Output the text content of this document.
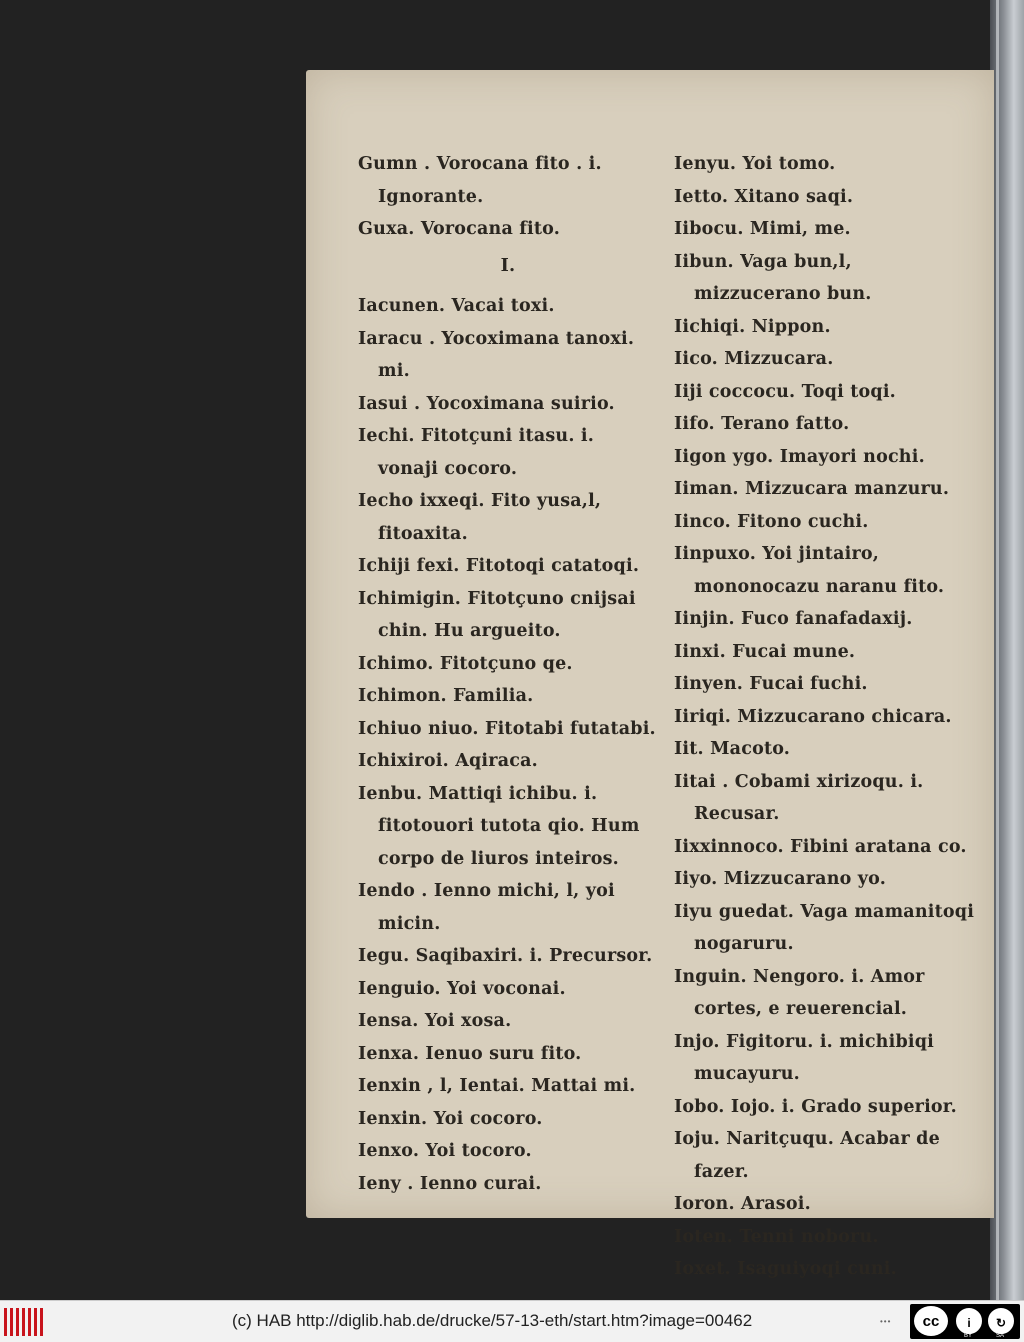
Gumn . Vorocana fito . i. Ignorante.

Guxa. Vorocana fito.

I.

Iacunen. Vacai toxi.

Iaracu . Yocoximana tanoxi. mi.

Iasui . Yocoximana suirio.

Iechi. Fitotçuni itasu. i. vonaji cocoro.

Iecho ixxeqi. Fito yusa,l, fitoaxita.

Ichiji fexi. Fitotoqi catatoqi.

Ichimigin. Fitotçuno cnijsai chin. Hu argueito.

Ichimo. Fitotçuno qe.

Ichimon. Familia.

Ichiuo niuo. Fitotabi futatabi.

Ichixiroi. Aqiraca.

Ienbu. Mattiqi ichibu. i. fitotouori tutota qio. Hum corpo de liuros inteiros.

Iendo . Ienno michi, l, yoi micin.

Iegu. Saqibaxiri. i. Precursor.

Ienguio. Yoi voconai.

Iensa. Yoi xosa.

Ienxa. Ienuo suru fito.

Ienxin , l, Ientai. Mattai mi.

Ienxin. Yoi cocoro.

Ienxo. Yoi tocoro.

Ieny . Ienno curai.

Ienyu. Yoi tomo.

Ietto. Xitano saqi.

Iibocu. Mimi, me.

Iibun. Vaga bun,l, mizzucerano bun.

Iichiqi. Nippon.

Iico. Mizzucara.

Iiji coccocu. Toqi toqi.

Iifo. Terano fatto.

Iigon ygo. Imayori nochi.

Iiman. Mizzucara manzuru.

Iinco. Fitono cuchi.

Iinpuxo. Yoi jintairo, mononocazu naranu fito.

Iinjin. Fuco fanafadaxij.

Iinxi. Fucai mune.

Iinyen. Fucai fuchi.

Iiriqi. Mizzucarano chicara.

Iit. Macoto.

Iitai . Cobami xirizoqu. i. Recusar.

Iixxinnoco. Fibini aratana co.

Iiyo. Mizzucarano yo.

Iiyu guedat. Vaga mamanitoqi nogaruru.

Inguin. Nengoro. i. Amor cortes, e reuerencial.

Injo. Figitoru. i. michibiqi mucayuru.

Iobo. Iojo. i. Grado superior.

Ioju. Naritçuqu. Acabar de fazer.

Ioron. Arasoi.

Ioten. Tenni noboru.

Ioxet. Isaguiyoqi cuni.

(c) HAB http://diglib.hab.de/drucke/57-13-eth/start.htm?image=00462	•••	cc	i	↻
BY	SA
